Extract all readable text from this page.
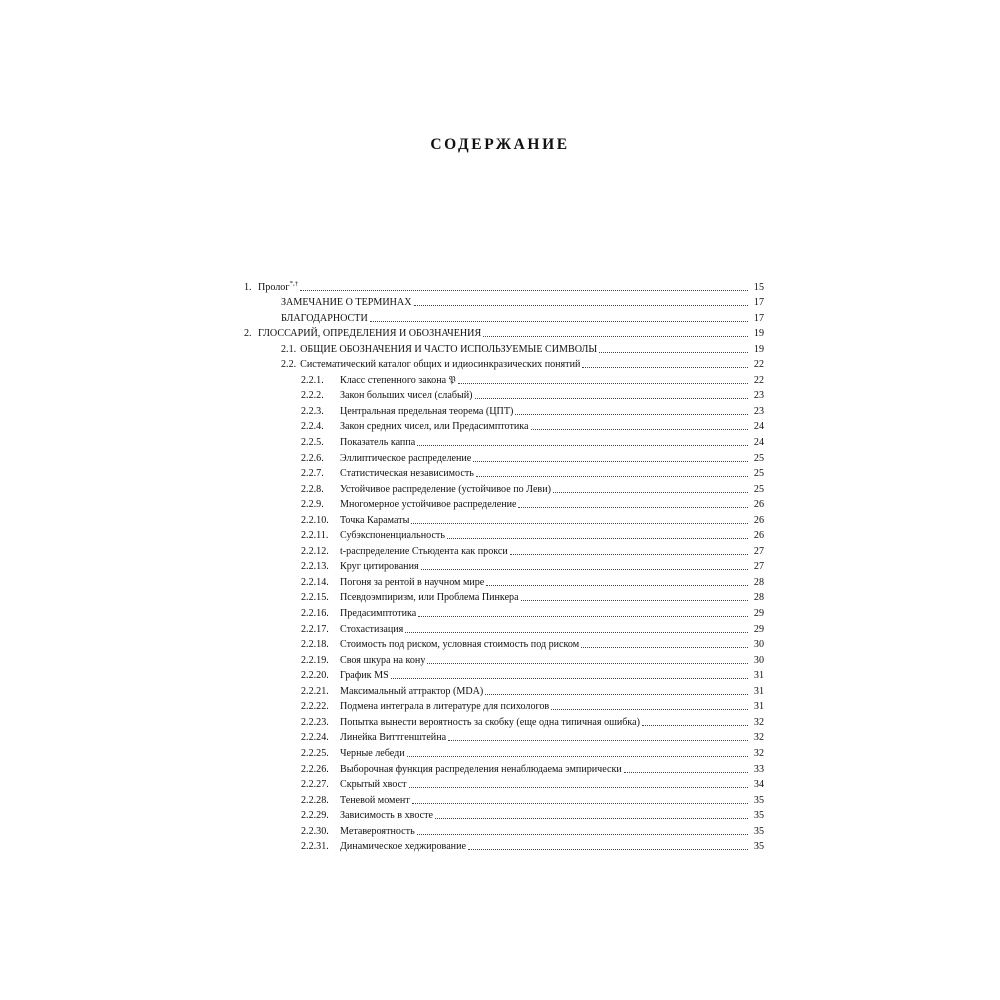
СОДЕРЖАНИЕ
1. Пролог*,†	15
ЗАМЕЧАНИЕ О ТЕРМИНАХ	17
БЛАГОДАРНОСТИ	17
2. ГЛОССАРИЙ, ОПРЕДЕЛЕНИЯ И ОБОЗНАЧЕНИЯ	19
2.1. ОБЩИЕ ОБОЗНАЧЕНИЯ И ЧАСТО ИСПОЛЬЗУЕМЫЕ СИМВОЛЫ	19
2.2. Систематический каталог общих и идиосинкразических понятий	22
2.2.1.	Класс степенного закона 𝔓	22
2.2.2.	Закон больших чисел (слабый)	23
2.2.3.	Центральная предельная теорема (ЦПТ)	23
2.2.4.	Закон средних чисел, или Предасимптотика	24
2.2.5.	Показатель каппа	24
2.2.6.	Эллиптическое распределение	25
2.2.7.	Статистическая независимость	25
2.2.8.	Устойчивое распределение (устойчивое по Леви)	25
2.2.9.	Многомерное устойчивое распределение	26
2.2.10.	Точка Караматы	26
2.2.11.	Субэкспоненциальность	26
2.2.12.	t-распределение Стьюдента как прокси	27
2.2.13.	Круг цитирования	27
2.2.14.	Погоня за рентой в научном мире	28
2.2.15.	Псевдоэмпиризм, или Проблема Пинкера	28
2.2.16.	Предасимптотика	29
2.2.17.	Стохастизация	29
2.2.18.	Стоимость под риском, условная стоимость под риском	30
2.2.19.	Своя шкура на кону	30
2.2.20.	График MS	31
2.2.21.	Максимальный аттрактор (MDA)	31
2.2.22.	Подмена интеграла в литературе для психологов	31
2.2.23.	Попытка вынести вероятность за скобку (еще одна типичная ошибка)	32
2.2.24.	Линейка Виттгенштейна	32
2.2.25.	Черные лебеди	32
2.2.26.	Выборочная функция распределения ненаблюдаема эмпирически	33
2.2.27.	Скрытый хвост	34
2.2.28.	Теневой момент	35
2.2.29.	Зависимость в хвосте	35
2.2.30.	Метавероятность	35
2.2.31.	Динамическое хеджирование	35
